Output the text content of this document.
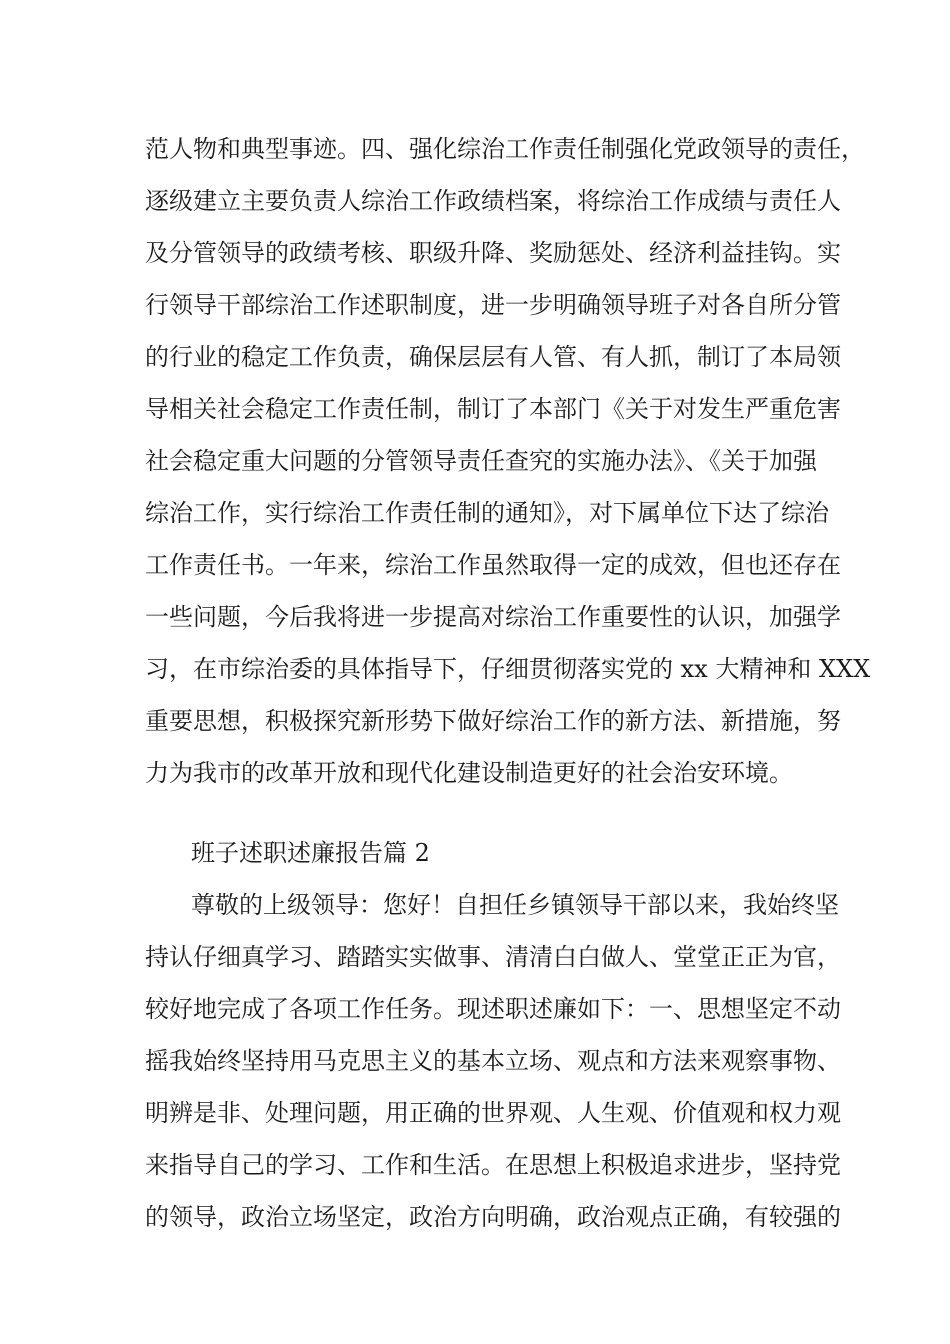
范人物和典型事迹。四、强化综治工作责任制强化党政领导的责任，
逐级建立主要负责人综治工作政绩档案，将综治工作成绩与责任人
及分管领导的政绩考核、职级升降、奖励惩处、经济利益挂钩。实
行领导干部综治工作述职制度，进一步明确领导班子对各自所分管
的行业的稳定工作负责，确保层层有人管、有人抓，制订了本局领
导相关社会稳定工作责任制，制订了本部门《关于对发生严重危害
社会稳定重大问题的分管领导责任查究的实施办法》、《关于加强
综治工作，实行综治工作责任制的通知》，对下属单位下达了综治
工作责任书。一年来，综治工作虽然取得一定的成效，但也还存在
一些问题，今后我将进一步提高对综治工作重要性的认识，加强学
习，在市综治委的具体指导下，仔细贯彻落实党的 xx 大精神和 XXX
重要思想，积极探究新形势下做好综治工作的新方法、新措施，努
力为我市的改革开放和现代化建设制造更好的社会治安环境。
班子述职述廉报告篇 2
尊敬的上级领导：您好！自担任乡镇领导干部以来，我始终坚
持认仔细真学习、踏踏实实做事、清清白白做人、堂堂正正为官，
较好地完成了各项工作任务。现述职述廉如下：一、思想坚定不动
摇我始终坚持用马克思主义的基本立场、观点和方法来观察事物、
明辨是非、处理问题，用正确的世界观、人生观、价值观和权力观
来指导自己的学习、工作和生活。在思想上积极追求进步，坚持党
的领导，政治立场坚定，政治方向明确，政治观点正确，有较强的
